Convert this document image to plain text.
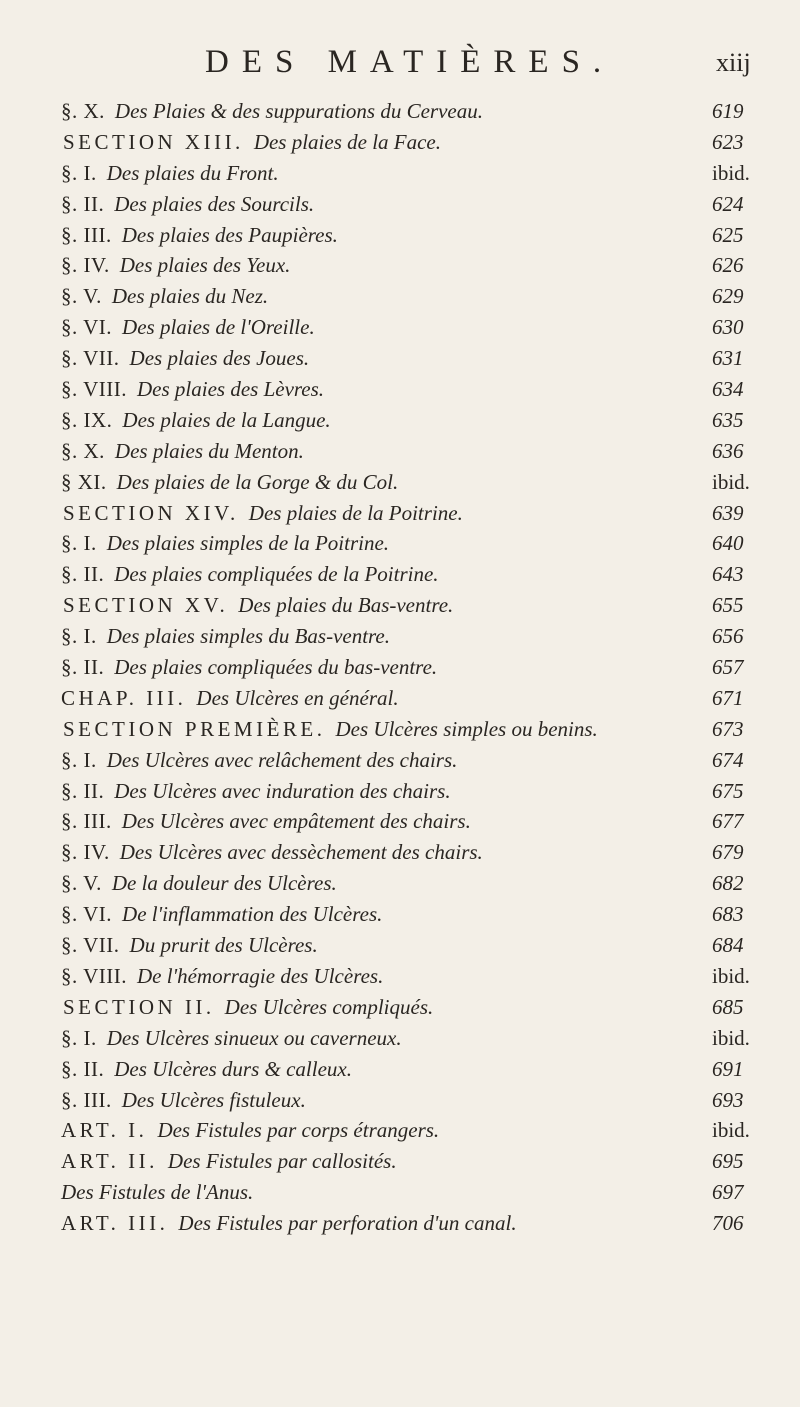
DES MATIÈRES.	xiij
§. X. Des Plaies & des suppurations du Cerveau.	619
SECTION XIII. Des plaies de la Face.	623
§. I. Des plaies du Front.	ibid.
§. II. Des plaies des Sourcils.	624
§. III. Des plaies des Paupières.	625
§. IV. Des plaies des Yeux.	626
§. V. Des plaies du Nez.	629
§. VI. Des plaies de l'Oreille.	630
§. VII. Des plaies des Joues.	631
§. VIII. Des plaies des Lèvres.	634
§. IX. Des plaies de la Langue.	635
§. X. Des plaies du Menton.	636
§ XI. Des plaies de la Gorge & du Col.	ibid.
SECTION XIV. Des plaies de la Poitrine.	639
§. I. Des plaies simples de la Poitrine.	640
§. II. Des plaies compliquées de la Poitrine.	643
SECTION XV. Des plaies du Bas-ventre.	655
§. I. Des plaies simples du Bas-ventre.	656
§. II. Des plaies compliquées du bas-ventre.	657
CHAP. III. Des Ulcères en général.	671
SECTION PREMIÈRE. Des Ulcères simples ou benins.	673
§. I. Des Ulcères avec relâchement des chairs.	674
§. II. Des Ulcères avec induration des chairs.	675
§. III. Des Ulcères avec empâtement des chairs.	677
§. IV. Des Ulcères avec dessèchement des chairs.	679
§. V. De la douleur des Ulcères.	682
§. VI. De l'inflammation des Ulcères.	683
§. VII. Du prurit des Ulcères.	684
§. VIII. De l'hémorragie des Ulcères.	ibid.
SECTION II. Des Ulcères compliqués.	685
§. I. Des Ulcères sinueux ou caverneux.	ibid.
§. II. Des Ulcères durs & calleux.	691
§. III. Des Ulcères fistuleux.	693
ART. I. Des Fistules par corps étrangers.	ibid.
ART. II. Des Fistules par callosités.	695
Des Fistules de l'Anus.	697
ART. III. Des Fistules par perforation d'un canal.	706
